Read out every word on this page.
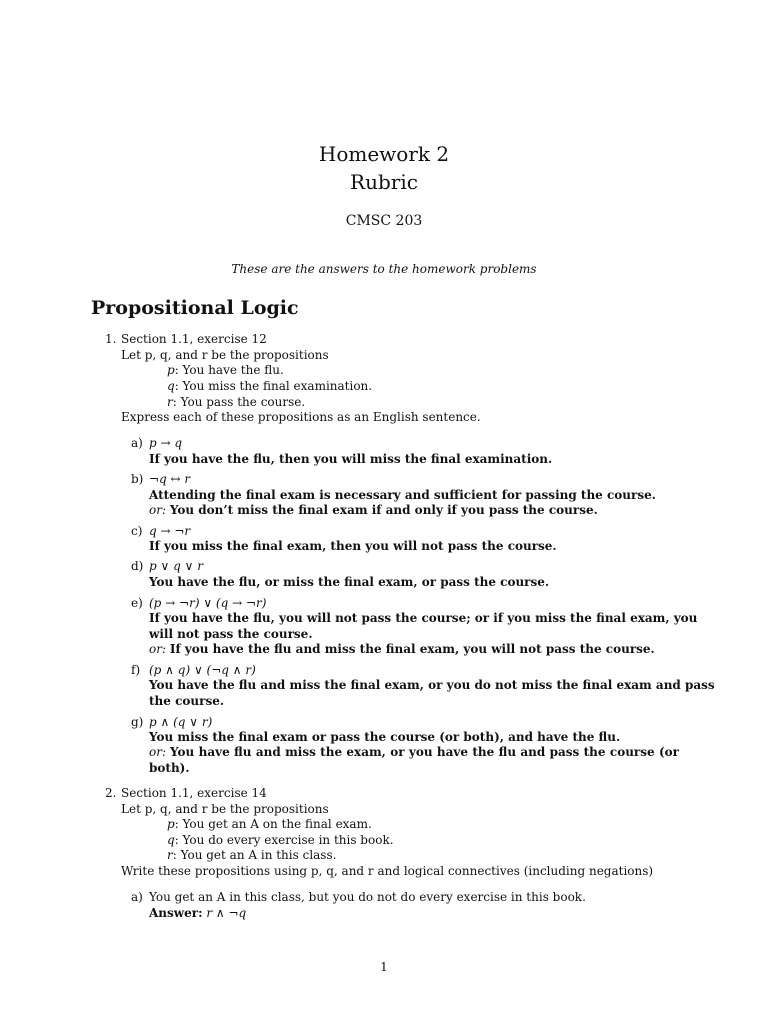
Homework 2
Rubric
CMSC 203
These are the answers to the homework problems
Propositional Logic
1. Section 1.1, exercise 12
Let p, q, and r be the propositions
p: You have the flu.
q: You miss the final examination.
r: You pass the course.
Express each of these propositions as an English sentence.
a) p → q
If you have the flu, then you will miss the final examination.
b) ¬q ↔ r
Attending the final exam is necessary and sufficient for passing the course.
or: You don’t miss the final exam if and only if you pass the course.
c) q → ¬r
If you miss the final exam, then you will not pass the course.
d) p ∨ q ∨ r
You have the flu, or miss the final exam, or pass the course.
e) (p → ¬r) ∨ (q → ¬r)
If you have the flu, you will not pass the course; or if you miss the final exam, you
will not pass the course.
or: If you have the flu and miss the final exam, you will not pass the course.
f) (p ∧ q) ∨ (¬q ∧ r)
You have the flu and miss the final exam, or you do not miss the final exam and pass
the course.
g) p ∧ (q ∨ r)
You miss the final exam or pass the course (or both), and have the flu.
or: You have flu and miss the exam, or you have the flu and pass the course (or
both).
2. Section 1.1, exercise 14
Let p, q, and r be the propositions
p: You get an A on the final exam.
q: You do every exercise in this book.
r: You get an A in this class.
Write these propositions using p, q, and r and logical connectives (including negations)
a) You get an A in this class, but you do not do every exercise in this book.
Answer: r ∧ ¬q
1
